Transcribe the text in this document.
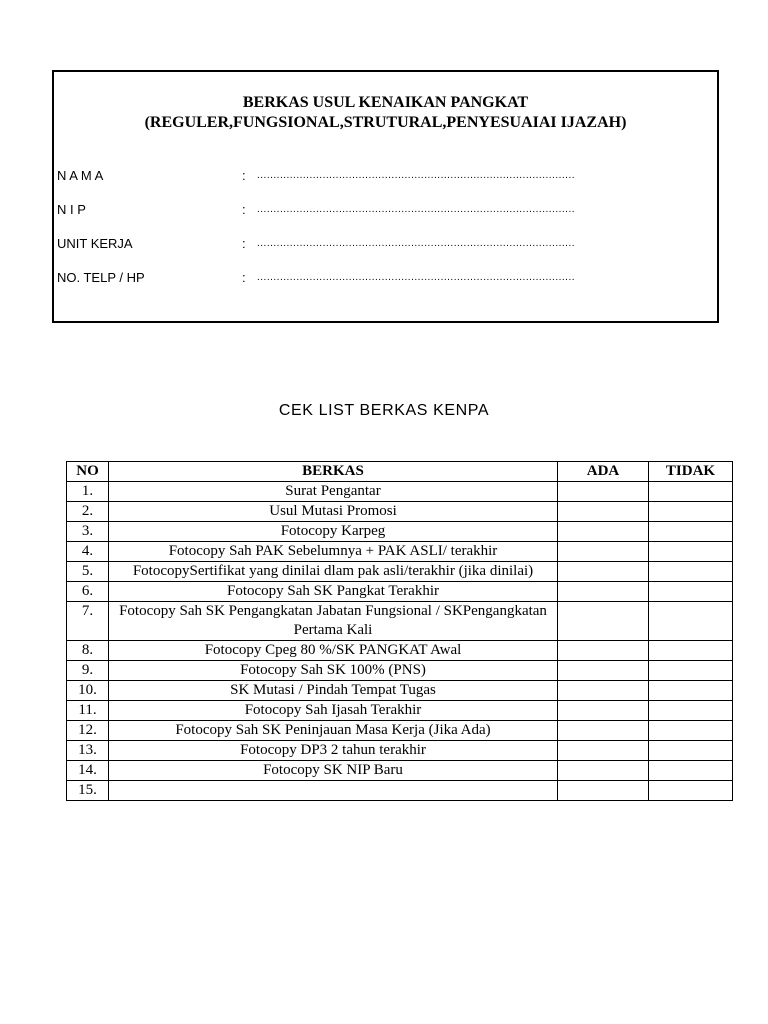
BERKAS USUL KENAIKAN PANGKAT
(REGULER,FUNGSIONAL,STRUTURAL,PENYESUAIAI IJAZAH)
N A M A	: .................................................................................................
N I P	: .................................................................................................
UNIT KERJA	: .................................................................................................
NO. TELP / HP	: .................................................................................................
CEK LIST BERKAS KENPA
NO	BERKAS	ADA	TIDAK
1.	Surat Pengantar		
2.	Usul Mutasi Promosi		
3.	Fotocopy Karpeg		
4.	Fotocopy Sah PAK Sebelumnya + PAK ASLI/ terakhir		
5.	FotocopySertifikat yang dinilai dlam pak asli/terakhir (jika dinilai)		
6.	Fotocopy Sah SK Pangkat Terakhir		
7.	Fotocopy Sah SK Pengangkatan Jabatan Fungsional / SKPengangkatan Pertama Kali		
8.	Fotocopy Cpeg 80 %/SK PANGKAT Awal		
9.	Fotocopy Sah SK 100% (PNS)		
10.	SK Mutasi / Pindah Tempat Tugas		
11.	Fotocopy Sah Ijasah Terakhir		
12.	Fotocopy Sah SK Peninjauan Masa Kerja (Jika Ada)		
13.	Fotocopy DP3 2 tahun terakhir		
14.	Fotocopy SK NIP Baru		
15.			
